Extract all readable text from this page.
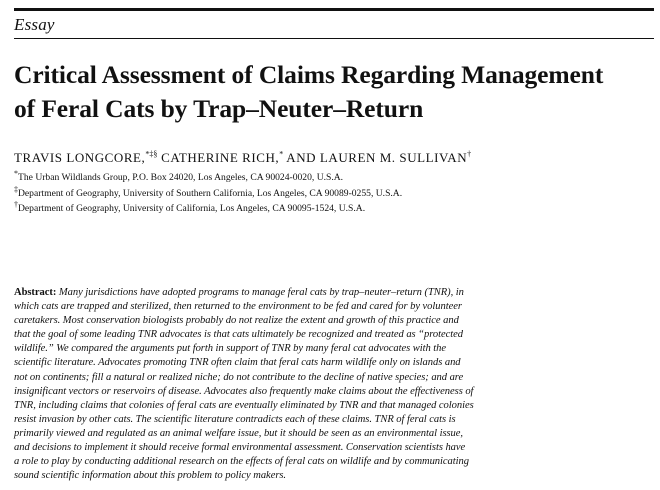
Essay
Critical Assessment of Claims Regarding Management
of Feral Cats by Trap–Neuter–Return
TRAVIS LONGCORE,*‡§ CATHERINE RICH,* AND LAUREN M. SULLIVAN†
*The Urban Wildlands Group, P.O. Box 24020, Los Angeles, CA 90024-0020, U.S.A.
‡Department of Geography, University of Southern California, Los Angeles, CA 90089-0255, U.S.A.
†Department of Geography, University of California, Los Angeles, CA 90095-1524, U.S.A.
Abstract: Many jurisdictions have adopted programs to manage feral cats by trap–neuter–return (TNR), in
which cats are trapped and sterilized, then returned to the environment to be fed and cared for by volunteer
caretakers. Most conservation biologists probably do not realize the extent and growth of this practice and
that the goal of some leading TNR advocates is that cats ultimately be recognized and treated as “protected
wildlife.” We compared the arguments put forth in support of TNR by many feral cat advocates with the
scientific literature. Advocates promoting TNR often claim that feral cats harm wildlife only on islands and
not on continents; fill a natural or realized niche; do not contribute to the decline of native species; and are
insignificant vectors or reservoirs of disease. Advocates also frequently make claims about the effectiveness of
TNR, including claims that colonies of feral cats are eventually eliminated by TNR and that managed colonies
resist invasion by other cats. The scientific literature contradicts each of these claims. TNR of feral cats is
primarily viewed and regulated as an animal welfare issue, but it should be seen as an environmental issue,
and decisions to implement it should receive formal environmental assessment. Conservation scientists have
a role to play by conducting additional research on the effects of feral cats on wildlife and by communicating
sound scientific information about this problem to policy makers.
